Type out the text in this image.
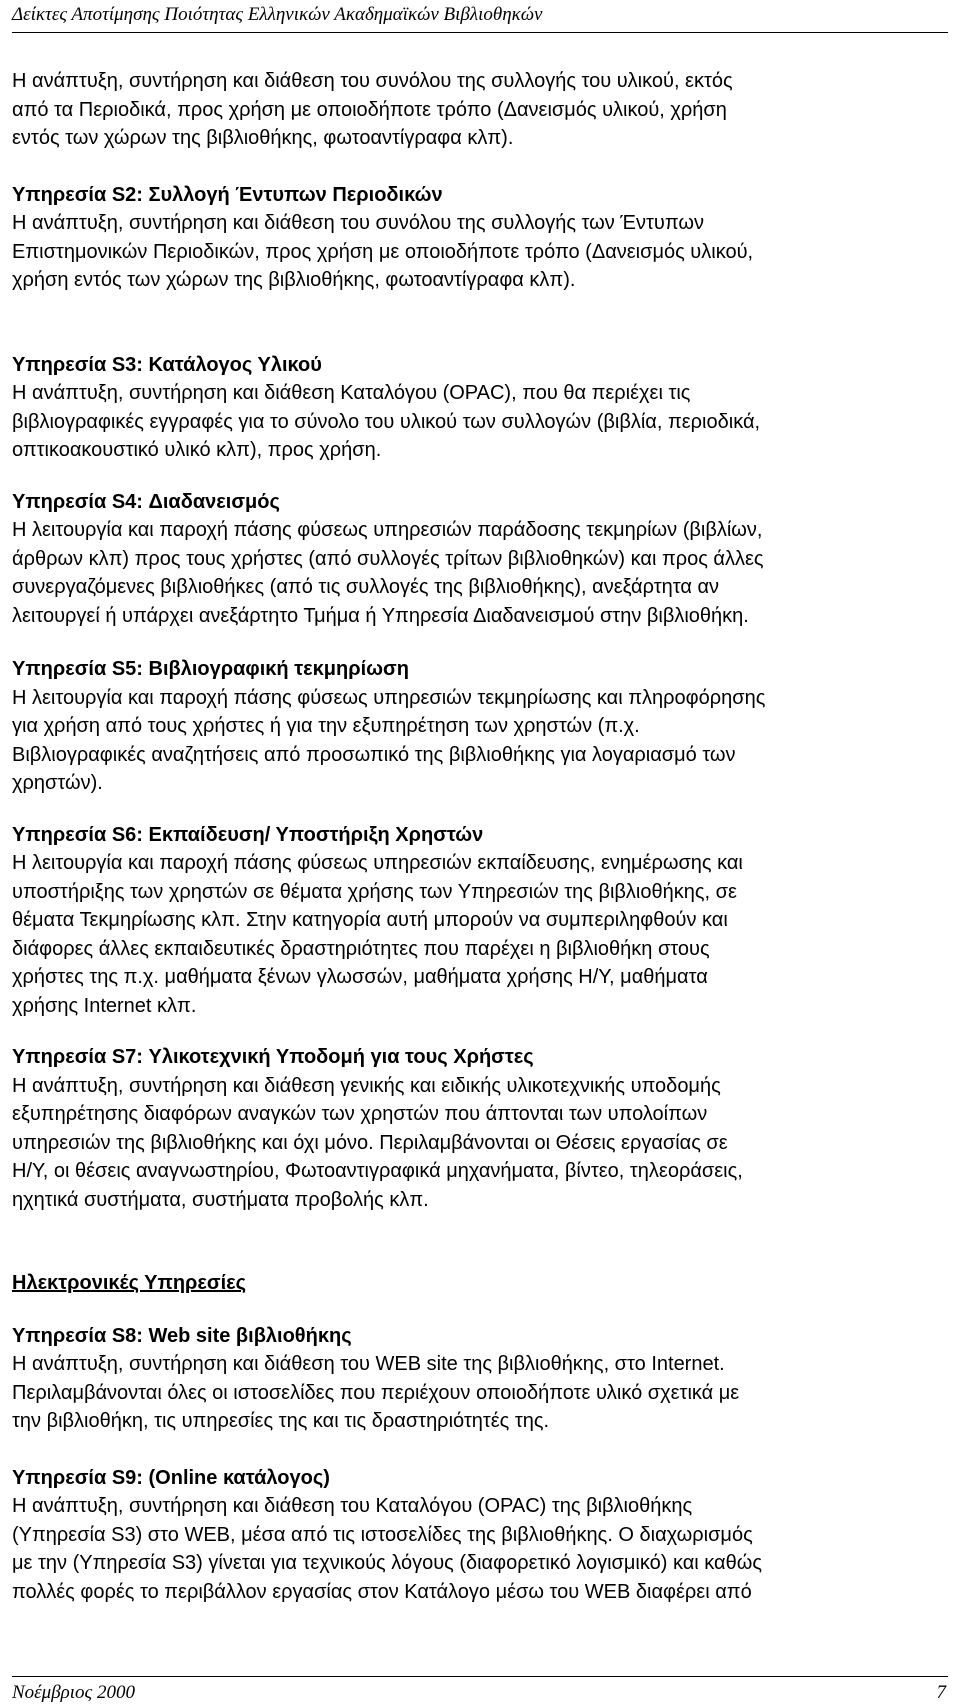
Δείκτες Αποτίμησης Ποιότητας Ελληνικών Ακαδημαϊκών Βιβλιοθηκών

Η ανάπτυξη, συντήρηση και διάθεση του συνόλου της συλλογής του υλικού, εκτός

από τα Περιοδικά, προς χρήση με οποιοδήποτε τρόπο (Δανεισμός υλικού, χρήση

εντός των χώρων της βιβλιοθήκης, φωτοαντίγραφα κλπ).

Υπηρεσία S2: Συλλογή Έντυπων Περιοδικών

Η ανάπτυξη, συντήρηση και διάθεση του συνόλου της συλλογής των Έντυπων

Επιστημονικών Περιοδικών, προς χρήση με οποιοδήποτε τρόπο (Δανεισμός υλικού,

χρήση εντός των χώρων της βιβλιοθήκης, φωτοαντίγραφα κλπ).

Υπηρεσία S3: Κατάλογος Υλικού

Η ανάπτυξη, συντήρηση και διάθεση Καταλόγου (OPAC), που θα περιέχει τις

βιβλιογραφικές εγγραφές για το σύνολο του υλικού των συλλογών (βιβλία, περιοδικά,

οπτικοακουστικό υλικό κλπ), προς χρήση.

Υπηρεσία S4: Διαδανεισμός

Η λειτουργία και παροχή πάσης φύσεως υπηρεσιών παράδοσης τεκμηρίων (βιβλίων,

άρθρων κλπ) προς τους χρήστες (από συλλογές τρίτων βιβλιοθηκών) και προς άλλες

συνεργαζόμενες βιβλιοθήκες (από τις συλλογές της βιβλιοθήκης), ανεξάρτητα αν

λειτουργεί ή υπάρχει ανεξάρτητο Τμήμα ή Υπηρεσία Διαδανεισμού στην βιβλιοθήκη.

Υπηρεσία S5: Βιβλιογραφική τεκμηρίωση

Η λειτουργία και παροχή πάσης φύσεως υπηρεσιών τεκμηρίωσης και πληροφόρησης

για χρήση από τους χρήστες ή για την εξυπηρέτηση των χρηστών (π.χ.

Βιβλιογραφικές αναζητήσεις από προσωπικό της βιβλιοθήκης για λογαριασμό των

χρηστών).

Υπηρεσία S6: Εκπαίδευση/ Υποστήριξη Χρηστών

Η λειτουργία και παροχή πάσης φύσεως υπηρεσιών εκπαίδευσης, ενημέρωσης και

υποστήριξης των χρηστών σε θέματα χρήσης των Υπηρεσιών της βιβλιοθήκης, σε

θέματα Τεκμηρίωσης κλπ. Στην κατηγορία αυτή μπορούν να συμπεριληφθούν και

διάφορες άλλες εκπαιδευτικές δραστηριότητες που παρέχει η βιβλιοθήκη στους

χρήστες της π.χ. μαθήματα ξένων γλωσσών, μαθήματα χρήσης Η/Υ, μαθήματα

χρήσης Internet κλπ.

Υπηρεσία S7: Υλικοτεχνική Υποδομή για τους Χρήστες

Η ανάπτυξη, συντήρηση και διάθεση γενικής και ειδικής υλικοτεχνικής υποδομής

εξυπηρέτησης διαφόρων αναγκών των χρηστών που άπτονται των υπολοίπων

υπηρεσιών της βιβλιοθήκης και όχι μόνο. Περιλαμβάνονται οι Θέσεις εργασίας σε

Η/Υ, οι θέσεις αναγνωστηρίου, Φωτοαντιγραφικά μηχανήματα, βίντεο, τηλεοράσεις,

ηχητικά συστήματα, συστήματα προβολής κλπ.

Ηλεκτρονικές Υπηρεσίες

Υπηρεσία S8: Web site βιβλιοθήκης

Η ανάπτυξη, συντήρηση και διάθεση του WEB site της βιβλιοθήκης, στο Internet.

Περιλαμβάνονται όλες οι ιστοσελίδες που περιέχουν οποιοδήποτε υλικό σχετικά με

την βιβλιοθήκη, τις υπηρεσίες της και τις δραστηριότητές της.

Υπηρεσία S9: (Online κατάλογος)

Η ανάπτυξη, συντήρηση και διάθεση του Καταλόγου (OPAC) της βιβλιοθήκης

(Υπηρεσία S3) στο WEB, μέσα από τις ιστοσελίδες της βιβλιοθήκης. Ο διαχωρισμός

με την (Υπηρεσία S3) γίνεται για τεχνικούς λόγους (διαφορετικό λογισμικό) και καθώς

πολλές φορές το περιβάλλον εργασίας στον Κατάλογο μέσω του WEB διαφέρει από

Νοέμβριος 2000	7
